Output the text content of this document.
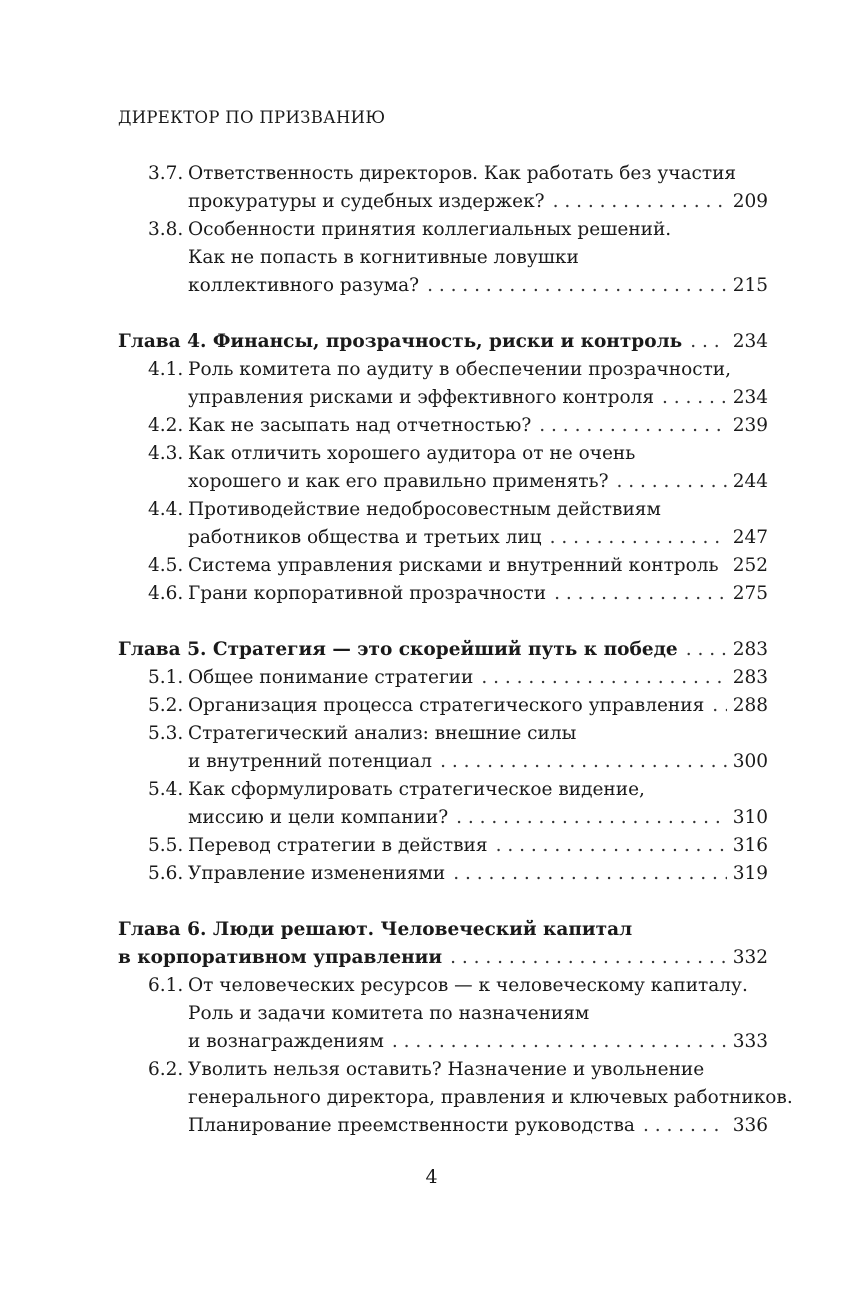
ДИРЕКТОР ПО ПРИЗВАНИЮ
3.7. Ответственность директоров. Как работать без участия
прокуратуры и судебных издержек? . . .	209
3.8. Особенности принятия коллегиальных решений.
Как не попасть в когнитивные ловушки
коллективного разума? . . .	215
Глава 4. Финансы, прозрачность, риски и контроль . . .	234
4.1. Роль комитета по аудиту в обеспечении прозрачности,
управления рисками и эффективного контроля . . .	234
4.2. Как не засыпать над отчетностью? . . .	239
4.3. Как отличить хорошего аудитора от не очень
хорошего и как его правильно применять? . . .	244
4.4. Противодействие недобросовестным действиям
работников общества и третьих лиц . . .	247
4.5. Система управления рисками и внутренний контроль . . . 252
4.6. Грани корпоративной прозрачности . . .	275
Глава 5. Стратегия — это скорейший путь к победе . . .	283
5.1. Общее понимание стратегии . . .	283
5.2. Организация процесса стратегического управления . . .	288
5.3. Стратегический анализ: внешние силы
и внутренний потенциал . . .	300
5.4. Как сформулировать стратегическое видение,
миссию и цели компании? . . .	310
5.5. Перевод стратегии в действия . . .	316
5.6. Управление изменениями . . .	319
Глава 6. Люди решают. Человеческий капитал
в корпоративном управлении . . .	332
6.1. От человеческих ресурсов — к человеческому капиталу.
Роль и задачи комитета по назначениям
и вознаграждениям . . .	333
6.2. Уволить нельзя оставить? Назначение и увольнение
генерального директора, правления и ключевых работников.
Планирование преемственности руководства . . .	336
4
